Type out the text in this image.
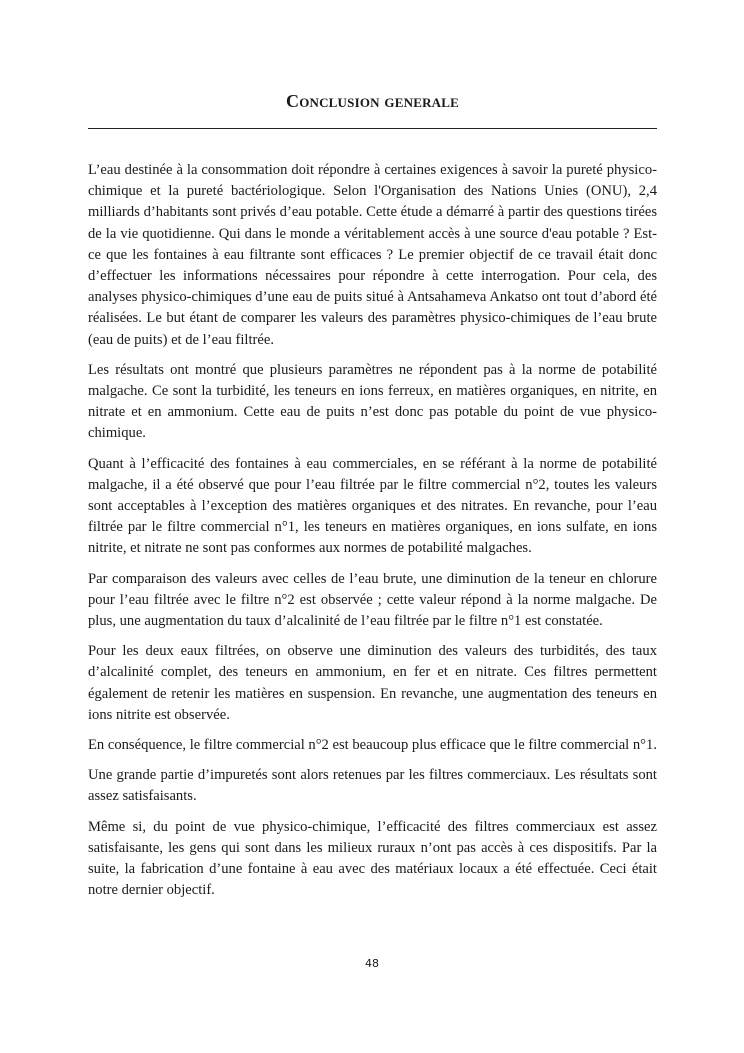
Conclusion generale

L’eau destinée à la consommation doit répondre à certaines exigences à savoir la pureté physico-chimique et la pureté bactériologique. Selon l'Organisation des Nations Unies (ONU), 2,4 milliards d’habitants sont privés d’eau potable. Cette étude a démarré à partir des questions tirées de la vie quotidienne. Qui dans le monde a véritablement accès à une source d'eau potable ? Est-ce que les fontaines à eau filtrante sont efficaces ? Le premier objectif de ce travail était donc d’effectuer les informations nécessaires pour répondre à cette interrogation. Pour cela, des analyses physico-chimiques d’une eau de puits situé à Antsahameva Ankatso ont tout d’abord été réalisées. Le but étant de comparer les valeurs des paramètres physico-chimiques de l’eau brute (eau de puits) et de l’eau filtrée.

Les résultats ont montré que plusieurs paramètres ne répondent pas à la norme de potabilité malgache. Ce sont la turbidité, les teneurs en ions ferreux, en matières organiques, en nitrite, en nitrate et en ammonium. Cette eau de puits n’est donc pas potable du point de vue physico-chimique.

Quant à l’efficacité des fontaines à eau commerciales, en se référant à la norme de potabilité malgache, il a été observé que pour l’eau filtrée par le filtre commercial n°2, toutes les valeurs sont acceptables à l’exception des matières organiques et des nitrates. En revanche, pour l’eau filtrée par le filtre commercial n°1, les teneurs en matières organiques, en ions sulfate, en ions nitrite, et nitrate ne sont pas conformes aux normes de potabilité malgaches.

Par comparaison des valeurs avec celles de l’eau brute, une diminution de la teneur en chlorure pour l’eau filtrée avec le filtre n°2 est observée ; cette valeur répond à la norme malgache. De plus, une augmentation du taux d’alcalinité de l’eau filtrée par le filtre n°1 est constatée.

Pour les deux eaux filtrées, on observe une diminution des valeurs des turbidités, des taux d’alcalinité complet, des teneurs en ammonium, en fer et en nitrate. Ces filtres permettent également de retenir les matières en suspension. En revanche, une augmentation des teneurs en ions nitrite est observée.

En conséquence, le filtre commercial n°2 est beaucoup plus efficace que le filtre commercial n°1.

Une grande partie d’impuretés sont alors retenues par les filtres commerciaux. Les résultats sont assez satisfaisants.

Même si, du point de vue physico-chimique, l’efficacité des filtres commerciaux est assez satisfaisante, les gens qui sont dans les milieux ruraux n’ont pas accès à ces dispositifs. Par la suite, la fabrication d’une fontaine à eau avec des matériaux locaux a été effectuée. Ceci était notre dernier objectif.

48
